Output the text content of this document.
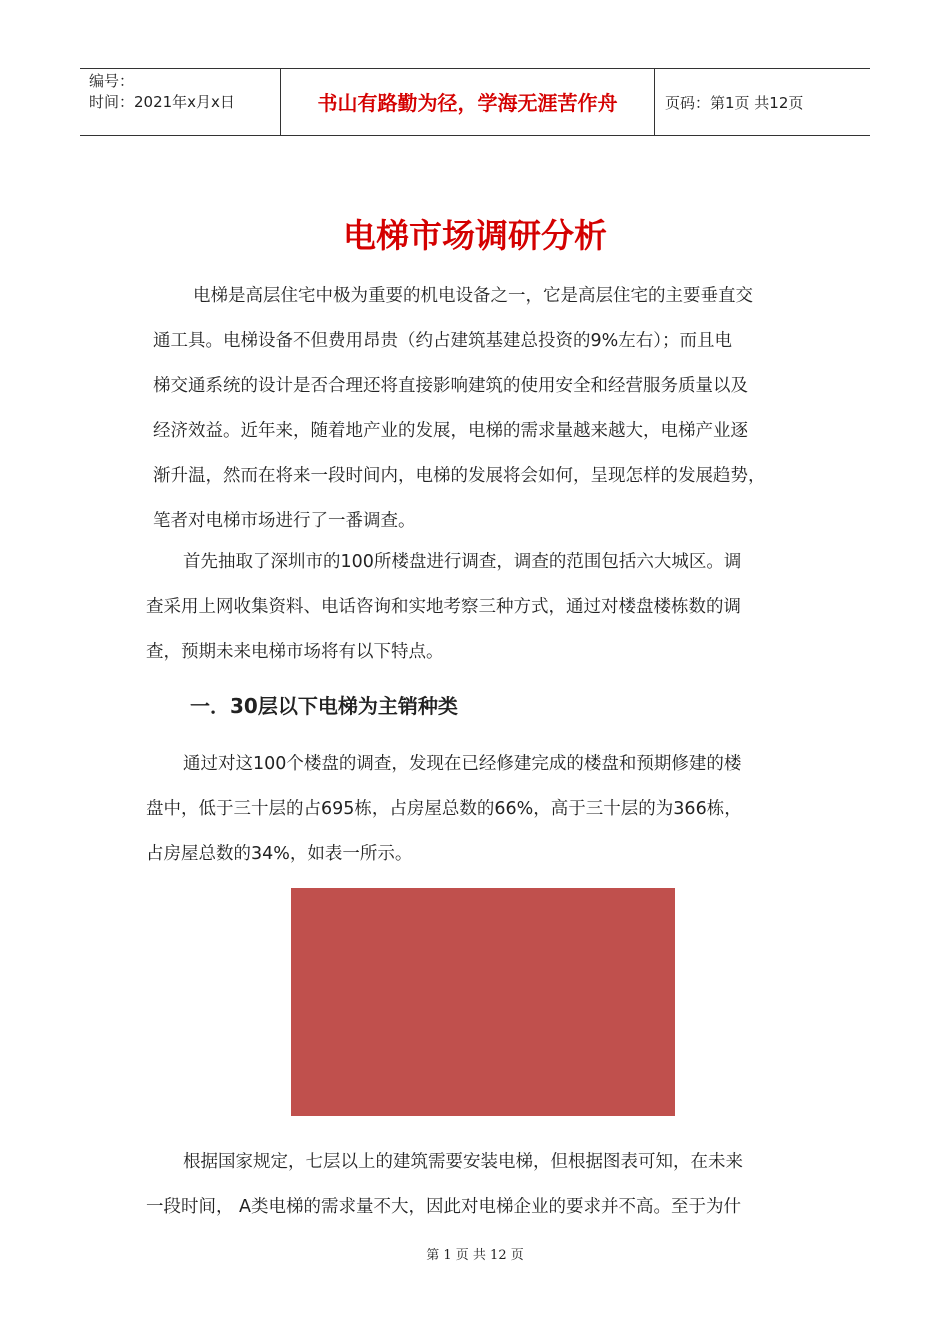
编号：
时间：2021年x月x日	书山有路勤为径，学海无涯苦作舟	页码：第1页 共12页
电梯市场调研分析
电梯是高层住宅中极为重要的机电设备之一，它是高层住宅的主要垂直交
通工具。电梯设备不但费用昂贵（约占建筑基建总投资的9%左右）；而且电
梯交通系统的设计是否合理还将直接影响建筑的使用安全和经营服务质量以及
经济效益。近年来，随着地产业的发展，电梯的需求量越来越大，电梯产业逐
渐升温，然而在将来一段时间内，电梯的发展将会如何，呈现怎样的发展趋势，
笔者对电梯市场进行了一番调查。
首先抽取了深圳市的100所楼盘进行调查，调查的范围包括六大城区。调
查采用上网收集资料、电话咨询和实地考察三种方式，通过对楼盘楼栋数的调
查，预期未来电梯市场将有以下特点。
一．30层以下电梯为主销种类
通过对这100个楼盘的调查，发现在已经修建完成的楼盘和预期修建的楼
盘中，低于三十层的占695栋，占房屋总数的66%，高于三十层的为366栋，
占房屋总数的34%，如表一所示。
根据国家规定，七层以上的建筑需要安装电梯，但根据图表可知，在未来
一段时间， A类电梯的需求量不大，因此对电梯企业的要求并不高。至于为什
第 1 页 共 12 页
